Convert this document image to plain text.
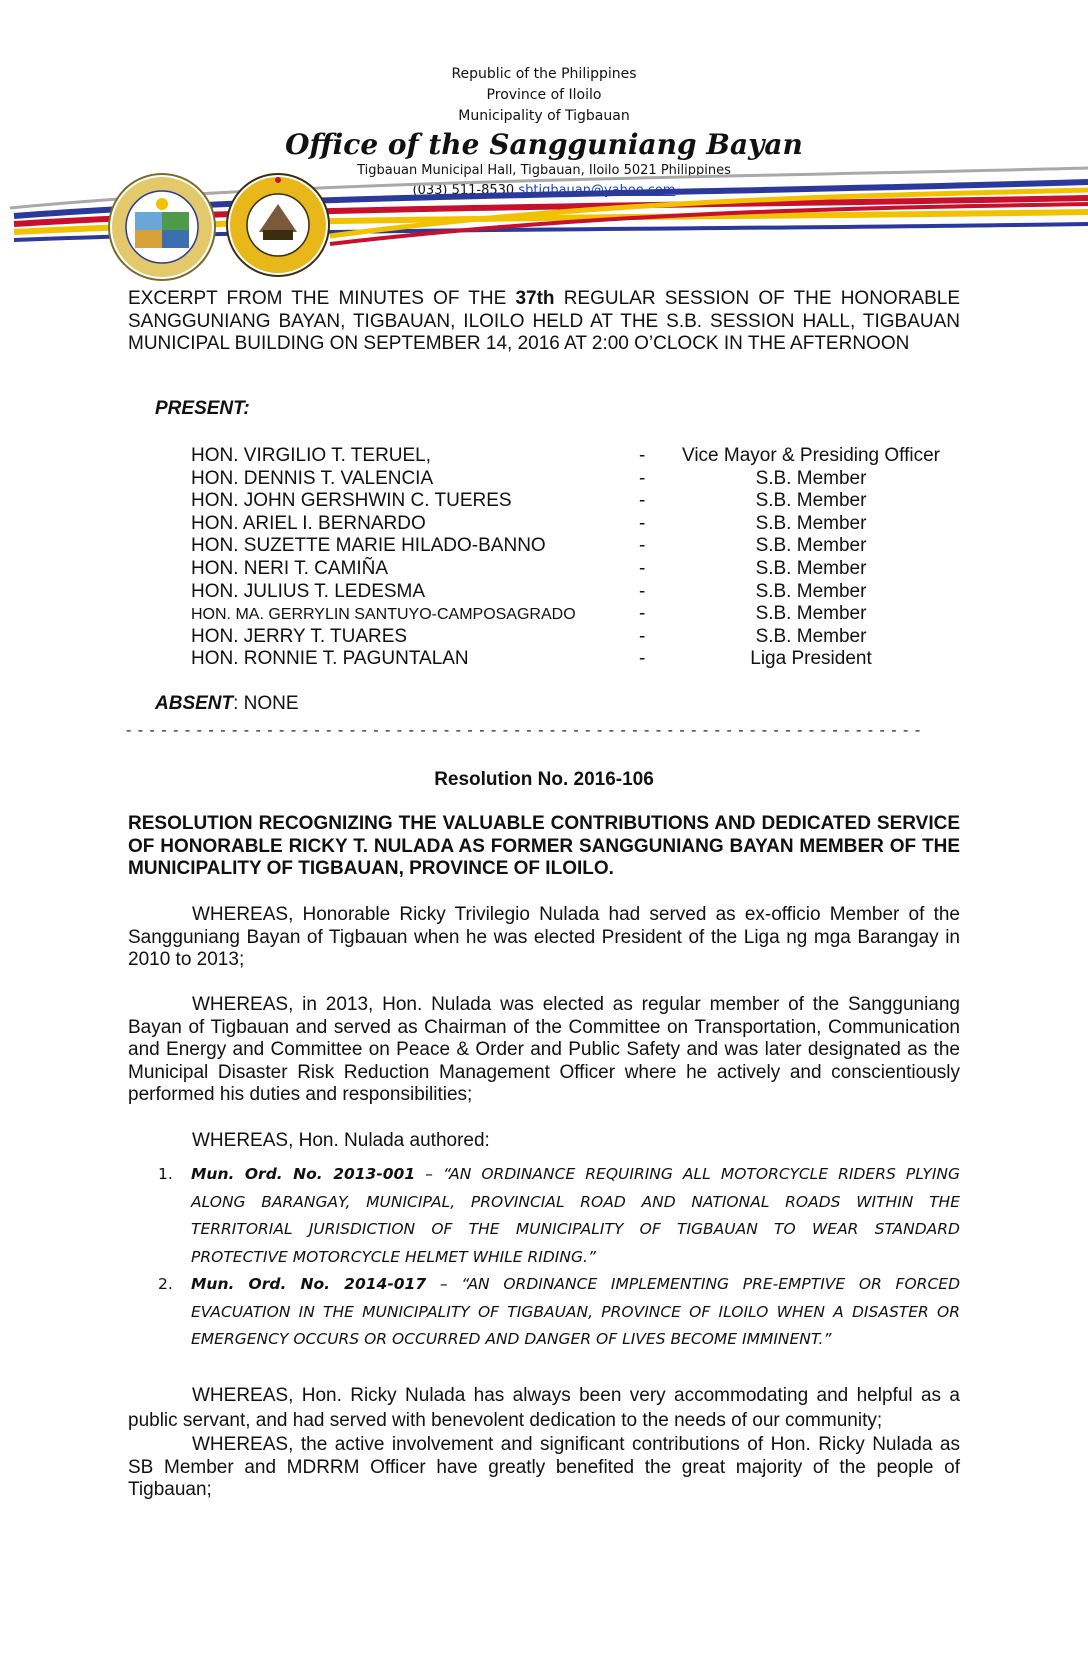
Republic of the Philippines
Province of Iloilo
Municipality of Tigbauan
Office of the Sangguniang Bayan
Tigbauan Municipal Hall, Tigbauan, Iloilo 5021 Philippines
(033) 511-8530 sbtigbauan@yahoo.com
EXCERPT FROM THE MINUTES OF THE 37th REGULAR SESSION OF THE HONORABLE SANGGUNIANG BAYAN, TIGBAUAN, ILOILO HELD AT THE S.B. SESSION HALL, TIGBAUAN MUNICIPAL BUILDING ON SEPTEMBER 14, 2016 AT 2:00 O’CLOCK IN THE AFTERNOON
PRESENT:
HON. VIRGILIO T. TERUEL,	-	Vice Mayor & Presiding Officer
HON. DENNIS T. VALENCIA	-	S.B. Member
HON. JOHN GERSHWIN C. TUERES	-	S.B. Member
HON. ARIEL I. BERNARDO	-	S.B. Member
HON. SUZETTE MARIE HILADO-BANNO	-	S.B. Member
HON. NERI T. CAMIÑA	-	S.B. Member
HON. JULIUS T. LEDESMA	-	S.B. Member
HON. MA. GERRYLIN SANTUYO-CAMPOSAGRADO	-	S.B. Member
HON. JERRY T. TUARES	-	S.B. Member
HON. RONNIE T. PAGUNTALAN	-	Liga President
ABSENT: NONE
- - - - - - - - - - - - - - - - - - - - - - - - - - - - - - - - - - - - - - - - - - - - - - - - - - - - - - - - - - - - - - - - - - - -
Resolution No. 2016-106
RESOLUTION RECOGNIZING THE VALUABLE CONTRIBUTIONS AND DEDICATED SERVICE OF HONORABLE RICKY T. NULADA AS FORMER SANGGUNIANG BAYAN MEMBER OF THE MUNICIPALITY OF TIGBAUAN, PROVINCE OF ILOILO.
WHEREAS, Honorable Ricky Trivilegio Nulada had served as ex-officio Member of the Sangguniang Bayan of Tigbauan when he was elected President of the Liga ng mga Barangay in 2010 to 2013;
WHEREAS, in 2013, Hon. Nulada was elected as regular member of the Sangguniang Bayan of Tigbauan and served as Chairman of the Committee on Transportation, Communication and Energy and Committee on Peace & Order and Public Safety and was later designated as the Municipal Disaster Risk Reduction Management Officer where he actively and conscientiously performed his duties and responsibilities;
WHEREAS, Hon. Nulada authored:
1. Mun. Ord. No. 2013-001 – “AN ORDINANCE REQUIRING ALL MOTORCYCLE RIDERS PLYING ALONG BARANGAY, MUNICIPAL, PROVINCIAL ROAD AND NATIONAL ROADS WITHIN THE TERRITORIAL JURISDICTION OF THE MUNICIPALITY OF TIGBAUAN TO WEAR STANDARD PROTECTIVE MOTORCYCLE HELMET WHILE RIDING.”
2. Mun. Ord. No. 2014-017 – “AN ORDINANCE IMPLEMENTING PRE-EMPTIVE OR FORCED EVACUATION IN THE MUNICIPALITY OF TIGBAUAN, PROVINCE OF ILOILO WHEN A DISASTER OR EMERGENCY OCCURS OR OCCURRED AND DANGER OF LIVES BECOME IMMINENT.”
WHEREAS, Hon. Ricky Nulada has always been very accommodating and helpful as a public servant, and had served with benevolent dedication to the needs of our community;
WHEREAS, the active involvement and significant contributions of Hon. Ricky Nulada as SB Member and MDRRM Officer have greatly benefited the great majority of the people of Tigbauan;
